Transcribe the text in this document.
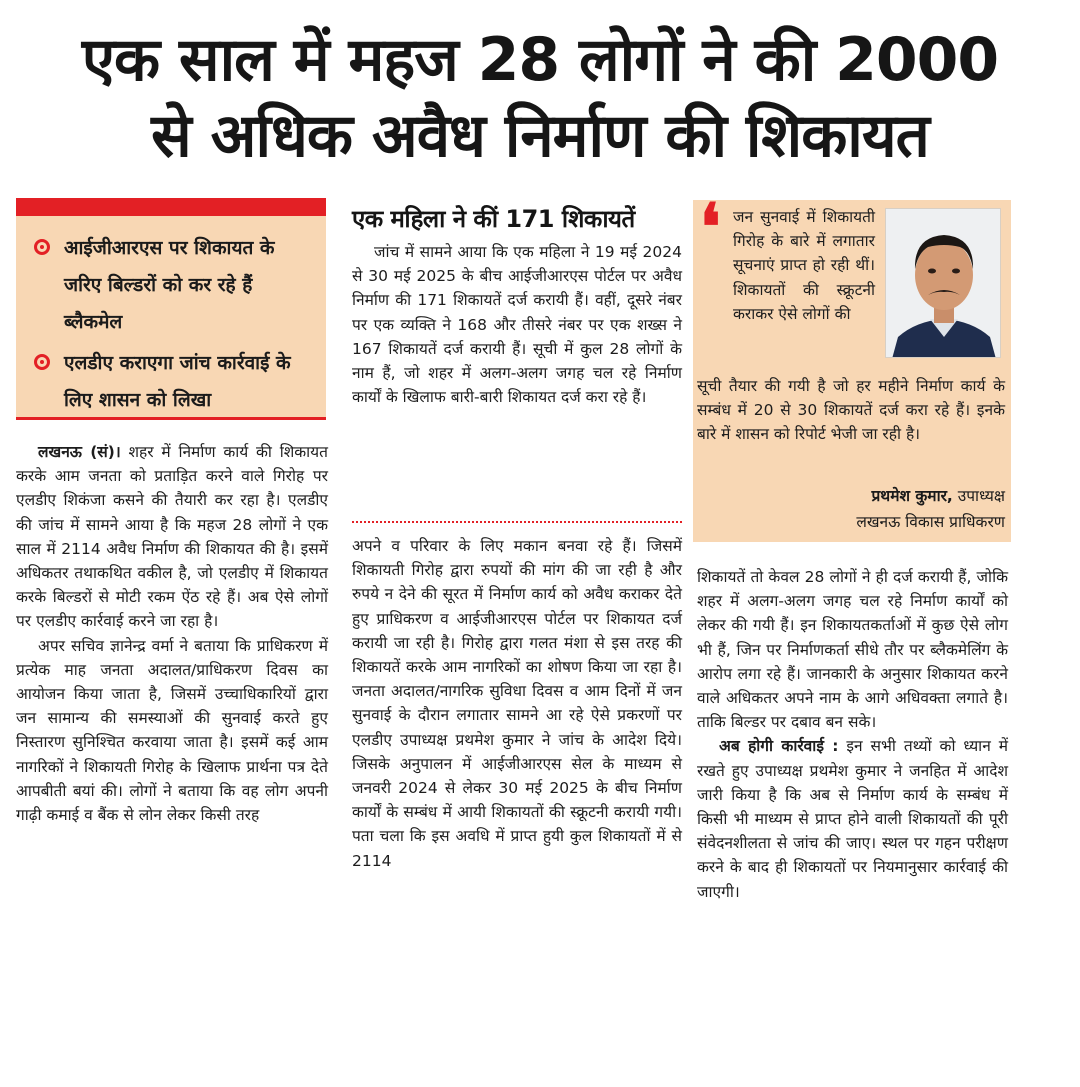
एक साल में महज 28 लोगों ने की 2000
से अधिक अवैध निर्माण की शिकायत
आईजीआरएस पर शिकायत के जरिए बिल्डरों को कर रहे हैं ब्लैकमेल
एलडीए कराएगा जांच कार्रवाई के लिए शासन को लिखा

लखनऊ (सं)। शहर में निर्माण कार्य की शिकायत करके आम जनता को प्रताड़ित करने वाले गिरोह पर एलडीए शिकंजा कसने की तैयारी कर रहा है। एलडीए की जांच में सामने आया है कि महज 28 लोगों ने एक साल में 2114 अवैध निर्माण की शिकायत की है। इसमें अधिकतर तथाकथित वकील है, जो एलडीए में शिकायत करके बिल्डरों से मोटी रकम ऐंठ रहे हैं। अब ऐसे लोगों पर एलडीए कार्रवाई करने जा रहा है।

अपर सचिव ज्ञानेन्द्र वर्मा ने बताया कि प्राधिकरण में प्रत्येक माह जनता अदालत/प्राधिकरण दिवस का आयोजन किया जाता है, जिसमें उच्चाधिकारियों द्वारा जन सामान्य की समस्याओं की सुनवाई करते हुए निस्तारण सुनिश्चित करवाया जाता है। इसमें कई आम नागरिकों ने शिकायती गिरोह के खिलाफ प्रार्थना पत्र देते आपबीती बयां की। लोगों ने बताया कि वह लोग अपनी गाढ़ी कमाई व बैंक से लोन लेकर किसी तरह

एक महिला ने कीं 171 शिकायतें

जांच में सामने आया कि एक महिला ने 19 मई 2024 से 30 मई 2025 के बीच आईजीआरएस पोर्टल पर अवैध निर्माण की 171 शिकायतें दर्ज करायी हैं। वहीं, दूसरे नंबर पर एक व्यक्ति ने 168 और तीसरे नंबर पर एक शख्स ने 167 शिकायतें दर्ज करायी हैं। सूची में कुल 28 लोगों के नाम हैं, जो शहर में अलग-अलग जगह चल रहे निर्माण कार्यों के खिलाफ बारी-बारी शिकायत दर्ज करा रहे हैं।

अपने व परिवार के लिए मकान बनवा रहे हैं। जिसमें शिकायती गिरोह द्वारा रुपयों की मांग की जा रही है और रुपये न देने की सूरत में निर्माण कार्य को अवैध कराकर देते हुए प्राधिकरण व आईजीआरएस पोर्टल पर शिकायत दर्ज करायी जा रही है। गिरोह द्वारा गलत मंशा से इस तरह की शिकायतें करके आम नागरिकों का शोषण किया जा रहा है। जनता अदालत/नागरिक सुविधा दिवस व आम दिनों में जन सुनवाई के दौरान लगातार सामने आ रहे ऐसे प्रकरणों पर एलडीए उपाध्यक्ष प्रथमेश कुमार ने जांच के आदेश दिये। जिसके अनुपालन में आईजीआरएस सेल के माध्यम से जनवरी 2024 से लेकर 30 मई 2025 के बीच निर्माण कार्यों के सम्बंध में आयी शिकायतों की स्क्रूटनी करायी गयी। पता चला कि इस अवधि में प्राप्त हुयी कुल शिकायतों में से 2114

❛ जन सुनवाई में शिकायती गिरोह के बारे में लगातार सूचनाएं प्राप्त हो रही थीं। शिकायतों की स्क्रूटनी कराकर ऐसे लोगों की
सूची तैयार की गयी है जो हर महीने निर्माण कार्य के सम्बंध में 20 से 30 शिकायतें दर्ज करा रहे हैं। इनके बारे में शासन को रिपोर्ट भेजी जा रही है।
प्रथमेश कुमार, उपाध्यक्ष
लखनऊ विकास प्राधिकरण

शिकायतें तो केवल 28 लोगों ने ही दर्ज करायी हैं, जोकि शहर में अलग-अलग जगह चल रहे निर्माण कार्यों को लेकर की गयी हैं। इन शिकायतकर्ताओं में कुछ ऐसे लोग भी हैं, जिन पर निर्माणकर्ता सीधे तौर पर ब्लैकमेलिंग के आरोप लगा रहे हैं। जानकारी के अनुसार शिकायत करने वाले अधिकतर अपने नाम के आगे अधिवक्ता लगाते है। ताकि बिल्डर पर दबाव बन सके।

अब होगी कार्रवाई : इन सभी तथ्यों को ध्यान में रखते हुए उपाध्यक्ष प्रथमेश कुमार ने जनहित में आदेश जारी किया है कि अब से निर्माण कार्य के सम्बंध में किसी भी माध्यम से प्राप्त होने वाली शिकायतों की पूरी संवेदनशीलता से जांच की जाए। स्थल पर गहन परीक्षण करने के बाद ही शिकायतों पर नियमानुसार कार्रवाई की जाएगी।
